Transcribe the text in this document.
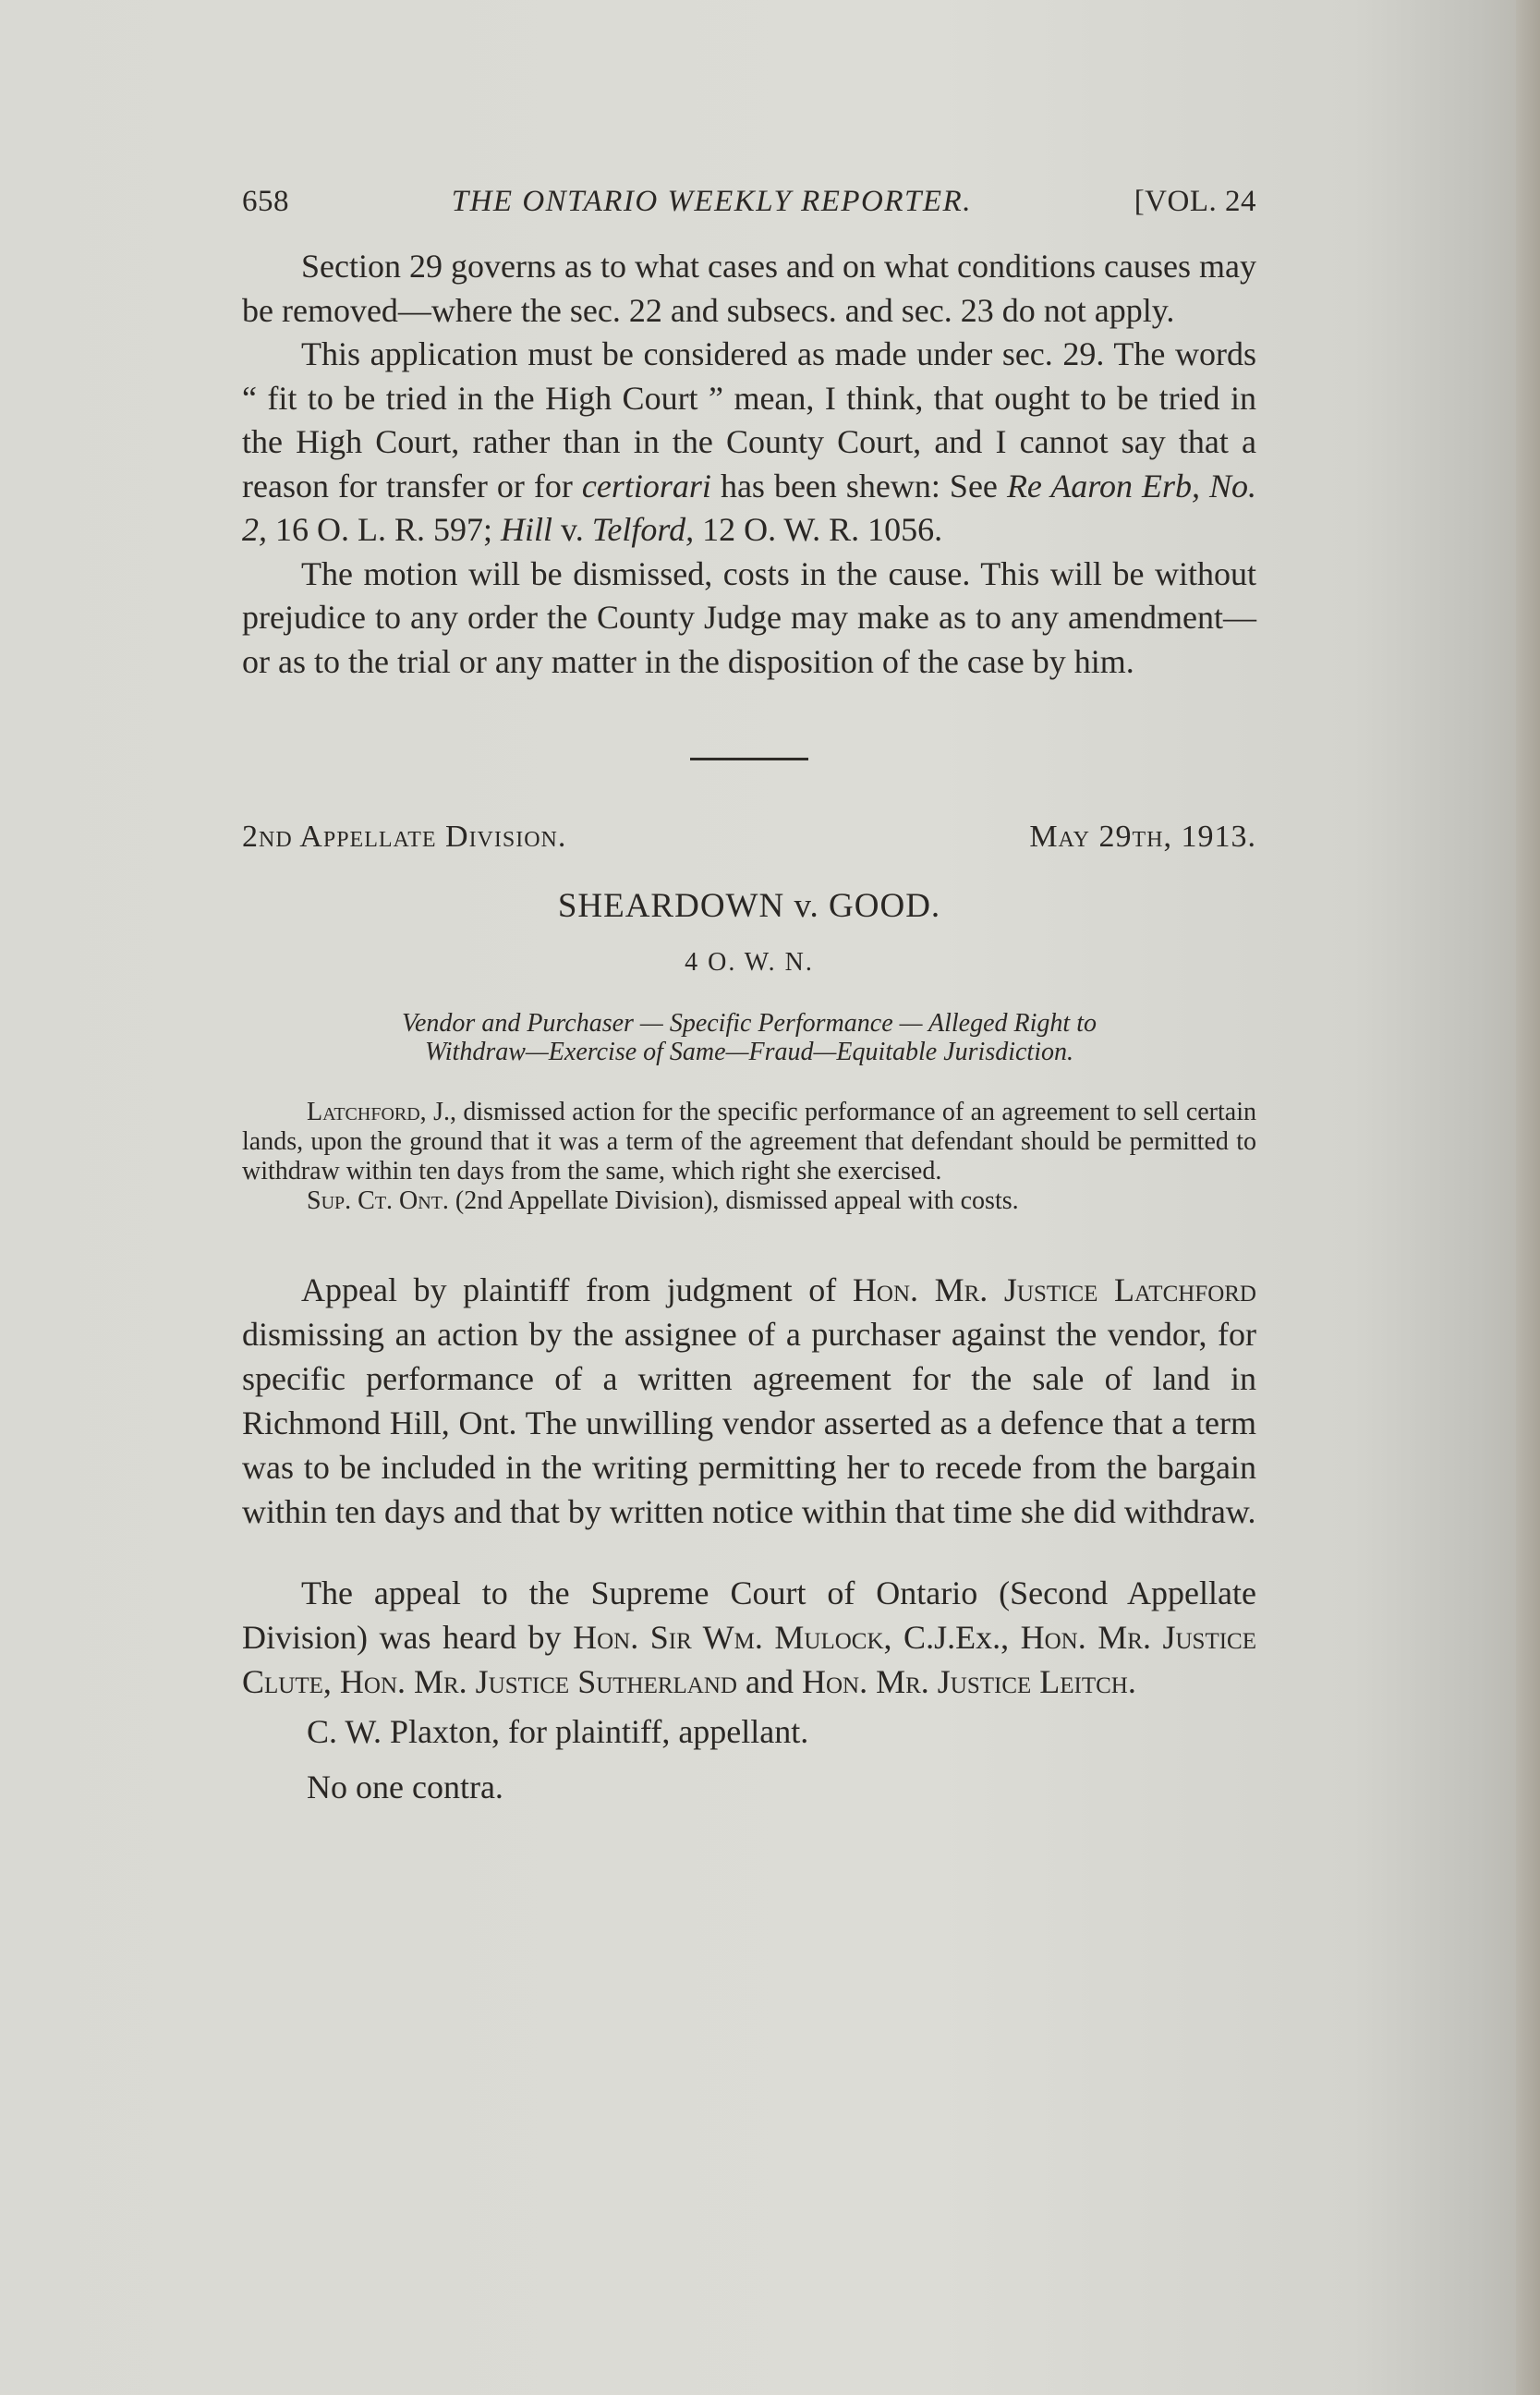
658	THE ONTARIO WEEKLY REPORTER.	[VOL. 24

Section 29 governs as to what cases and on what conditions causes may be removed—where the sec. 22 and subsecs. and sec. 23 do not apply.

This application must be considered as made under sec. 29. The words “ fit to be tried in the High Court ” mean, I think, that ought to be tried in the High Court, rather than in the County Court, and I cannot say that a reason for transfer or for certiorari has been shewn: See Re Aaron Erb, No. 2, 16 O. L. R. 597; Hill v. Telford, 12 O. W. R. 1056.

The motion will be dismissed, costs in the cause. This will be without prejudice to any order the County Judge may make as to any amendment—or as to the trial or any matter in the disposition of the case by him.

2nd Appellate Division.	May 29th, 1913.
SHEARDOWN v. GOOD.
4 O. W. N.

Vendor and Purchaser — Specific Performance — Alleged Right to
Withdraw—Exercise of Same—Fraud—Equitable Jurisdiction.

Latchford, J., dismissed action for the specific performance of an agreement to sell certain lands, upon the ground that it was a term of the agreement that defendant should be permitted to withdraw within ten days from the same, which right she exercised.

Sup. Ct. Ont. (2nd Appellate Division), dismissed appeal with costs.

Appeal by plaintiff from judgment of Hon. Mr. Justice Latchford dismissing an action by the assignee of a purchaser against the vendor, for specific performance of a written agreement for the sale of land in Richmond Hill, Ont. The unwilling vendor asserted as a defence that a term was to be included in the writing permitting her to recede from the bargain within ten days and that by written notice within that time she did withdraw.

The appeal to the Supreme Court of Ontario (Second Appellate Division) was heard by Hon. Sir Wm. Mulock, C.J.Ex., Hon. Mr. Justice Clute, Hon. Mr. Justice Sutherland and Hon. Mr. Justice Leitch.

C. W. Plaxton, for plaintiff, appellant.
No one contra.
